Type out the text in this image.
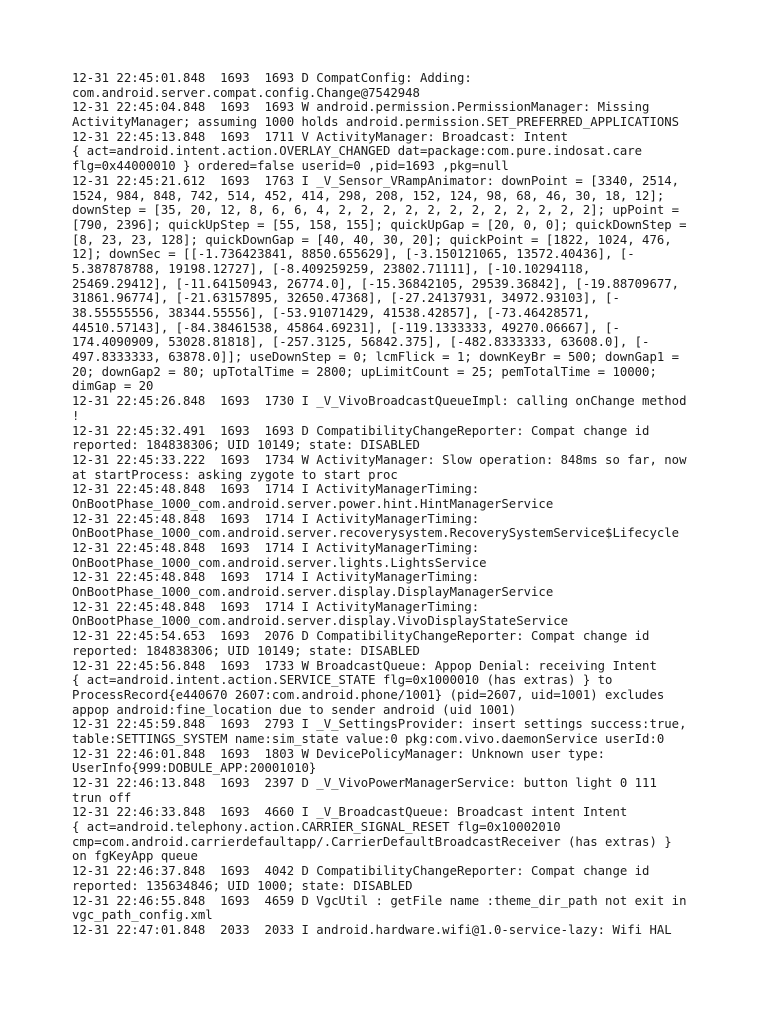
12-31 22:45:01.848  1693  1693 D CompatConfig: Adding:
com.android.server.compat.config.Change@7542948
12-31 22:45:04.848  1693  1693 W android.permission.PermissionManager: Missing
ActivityManager; assuming 1000 holds android.permission.SET_PREFERRED_APPLICATIONS
12-31 22:45:13.848  1693  1711 V ActivityManager: Broadcast: Intent
{ act=android.intent.action.OVERLAY_CHANGED dat=package:com.pure.indosat.care
flg=0x44000010 } ordered=false userid=0 ,pid=1693 ,pkg=null
12-31 22:45:21.612  1693  1763 I _V_Sensor_VRampAnimator: downPoint = [3340, 2514,
1524, 984, 848, 742, 514, 452, 414, 298, 208, 152, 124, 98, 68, 46, 30, 18, 12];
downStep = [35, 20, 12, 8, 6, 6, 4, 2, 2, 2, 2, 2, 2, 2, 2, 2, 2, 2, 2]; upPoint =
[790, 2396]; quickUpStep = [55, 158, 155]; quickUpGap = [20, 0, 0]; quickDownStep =
[8, 23, 23, 128]; quickDownGap = [40, 40, 30, 20]; quickPoint = [1822, 1024, 476,
12]; downSec = [[-1.736423841, 8850.655629], [-3.150121065, 13572.40436], [-
5.387878788, 19198.12727], [-8.409259259, 23802.71111], [-10.10294118,
25469.29412], [-11.64150943, 26774.0], [-15.36842105, 29539.36842], [-19.88709677,
31861.96774], [-21.63157895, 32650.47368], [-27.24137931, 34972.93103], [-
38.55555556, 38344.55556], [-53.91071429, 41538.42857], [-73.46428571,
44510.57143], [-84.38461538, 45864.69231], [-119.1333333, 49270.06667], [-
174.4090909, 53028.81818], [-257.3125, 56842.375], [-482.8333333, 63608.0], [-
497.8333333, 63878.0]]; useDownStep = 0; lcmFlick = 1; downKeyBr = 500; downGap1 =
20; downGap2 = 80; upTotalTime = 2800; upLimitCount = 25; pemTotalTime = 10000;
dimGap = 20
12-31 22:45:26.848  1693  1730 I _V_VivoBroadcastQueueImpl: calling onChange method
!
12-31 22:45:32.491  1693  1693 D CompatibilityChangeReporter: Compat change id
reported: 184838306; UID 10149; state: DISABLED
12-31 22:45:33.222  1693  1734 W ActivityManager: Slow operation: 848ms so far, now
at startProcess: asking zygote to start proc
12-31 22:45:48.848  1693  1714 I ActivityManagerTiming:
OnBootPhase_1000_com.android.server.power.hint.HintManagerService
12-31 22:45:48.848  1693  1714 I ActivityManagerTiming:
OnBootPhase_1000_com.android.server.recoverysystem.RecoverySystemService$Lifecycle
12-31 22:45:48.848  1693  1714 I ActivityManagerTiming:
OnBootPhase_1000_com.android.server.lights.LightsService
12-31 22:45:48.848  1693  1714 I ActivityManagerTiming:
OnBootPhase_1000_com.android.server.display.DisplayManagerService
12-31 22:45:48.848  1693  1714 I ActivityManagerTiming:
OnBootPhase_1000_com.android.server.display.VivoDisplayStateService
12-31 22:45:54.653  1693  2076 D CompatibilityChangeReporter: Compat change id
reported: 184838306; UID 10149; state: DISABLED
12-31 22:45:56.848  1693  1733 W BroadcastQueue: Appop Denial: receiving Intent
{ act=android.intent.action.SERVICE_STATE flg=0x1000010 (has extras) } to
ProcessRecord{e440670 2607:com.android.phone/1001} (pid=2607, uid=1001) excludes
appop android:fine_location due to sender android (uid 1001)
12-31 22:45:59.848  1693  2793 I _V_SettingsProvider: insert settings success:true,
table:SETTINGS_SYSTEM name:sim_state value:0 pkg:com.vivo.daemonService userId:0
12-31 22:46:01.848  1693  1803 W DevicePolicyManager: Unknown user type:
UserInfo{999:DOBULE_APP:20001010}
12-31 22:46:13.848  1693  2397 D _V_VivoPowerManagerService: button light 0 111
trun off
12-31 22:46:33.848  1693  4660 I _V_BroadcastQueue: Broadcast intent Intent
{ act=android.telephony.action.CARRIER_SIGNAL_RESET flg=0x10002010
cmp=com.android.carrierdefaultapp/.CarrierDefaultBroadcastReceiver (has extras) }
on fgKeyApp queue
12-31 22:46:37.848  1693  4042 D CompatibilityChangeReporter: Compat change id
reported: 135634846; UID 1000; state: DISABLED
12-31 22:46:55.848  1693  4659 D VgcUtil : getFile name :theme_dir_path not exit in
vgc_path_config.xml
12-31 22:47:01.848  2033  2033 I android.hardware.wifi@1.0-service-lazy: Wifi HAL
